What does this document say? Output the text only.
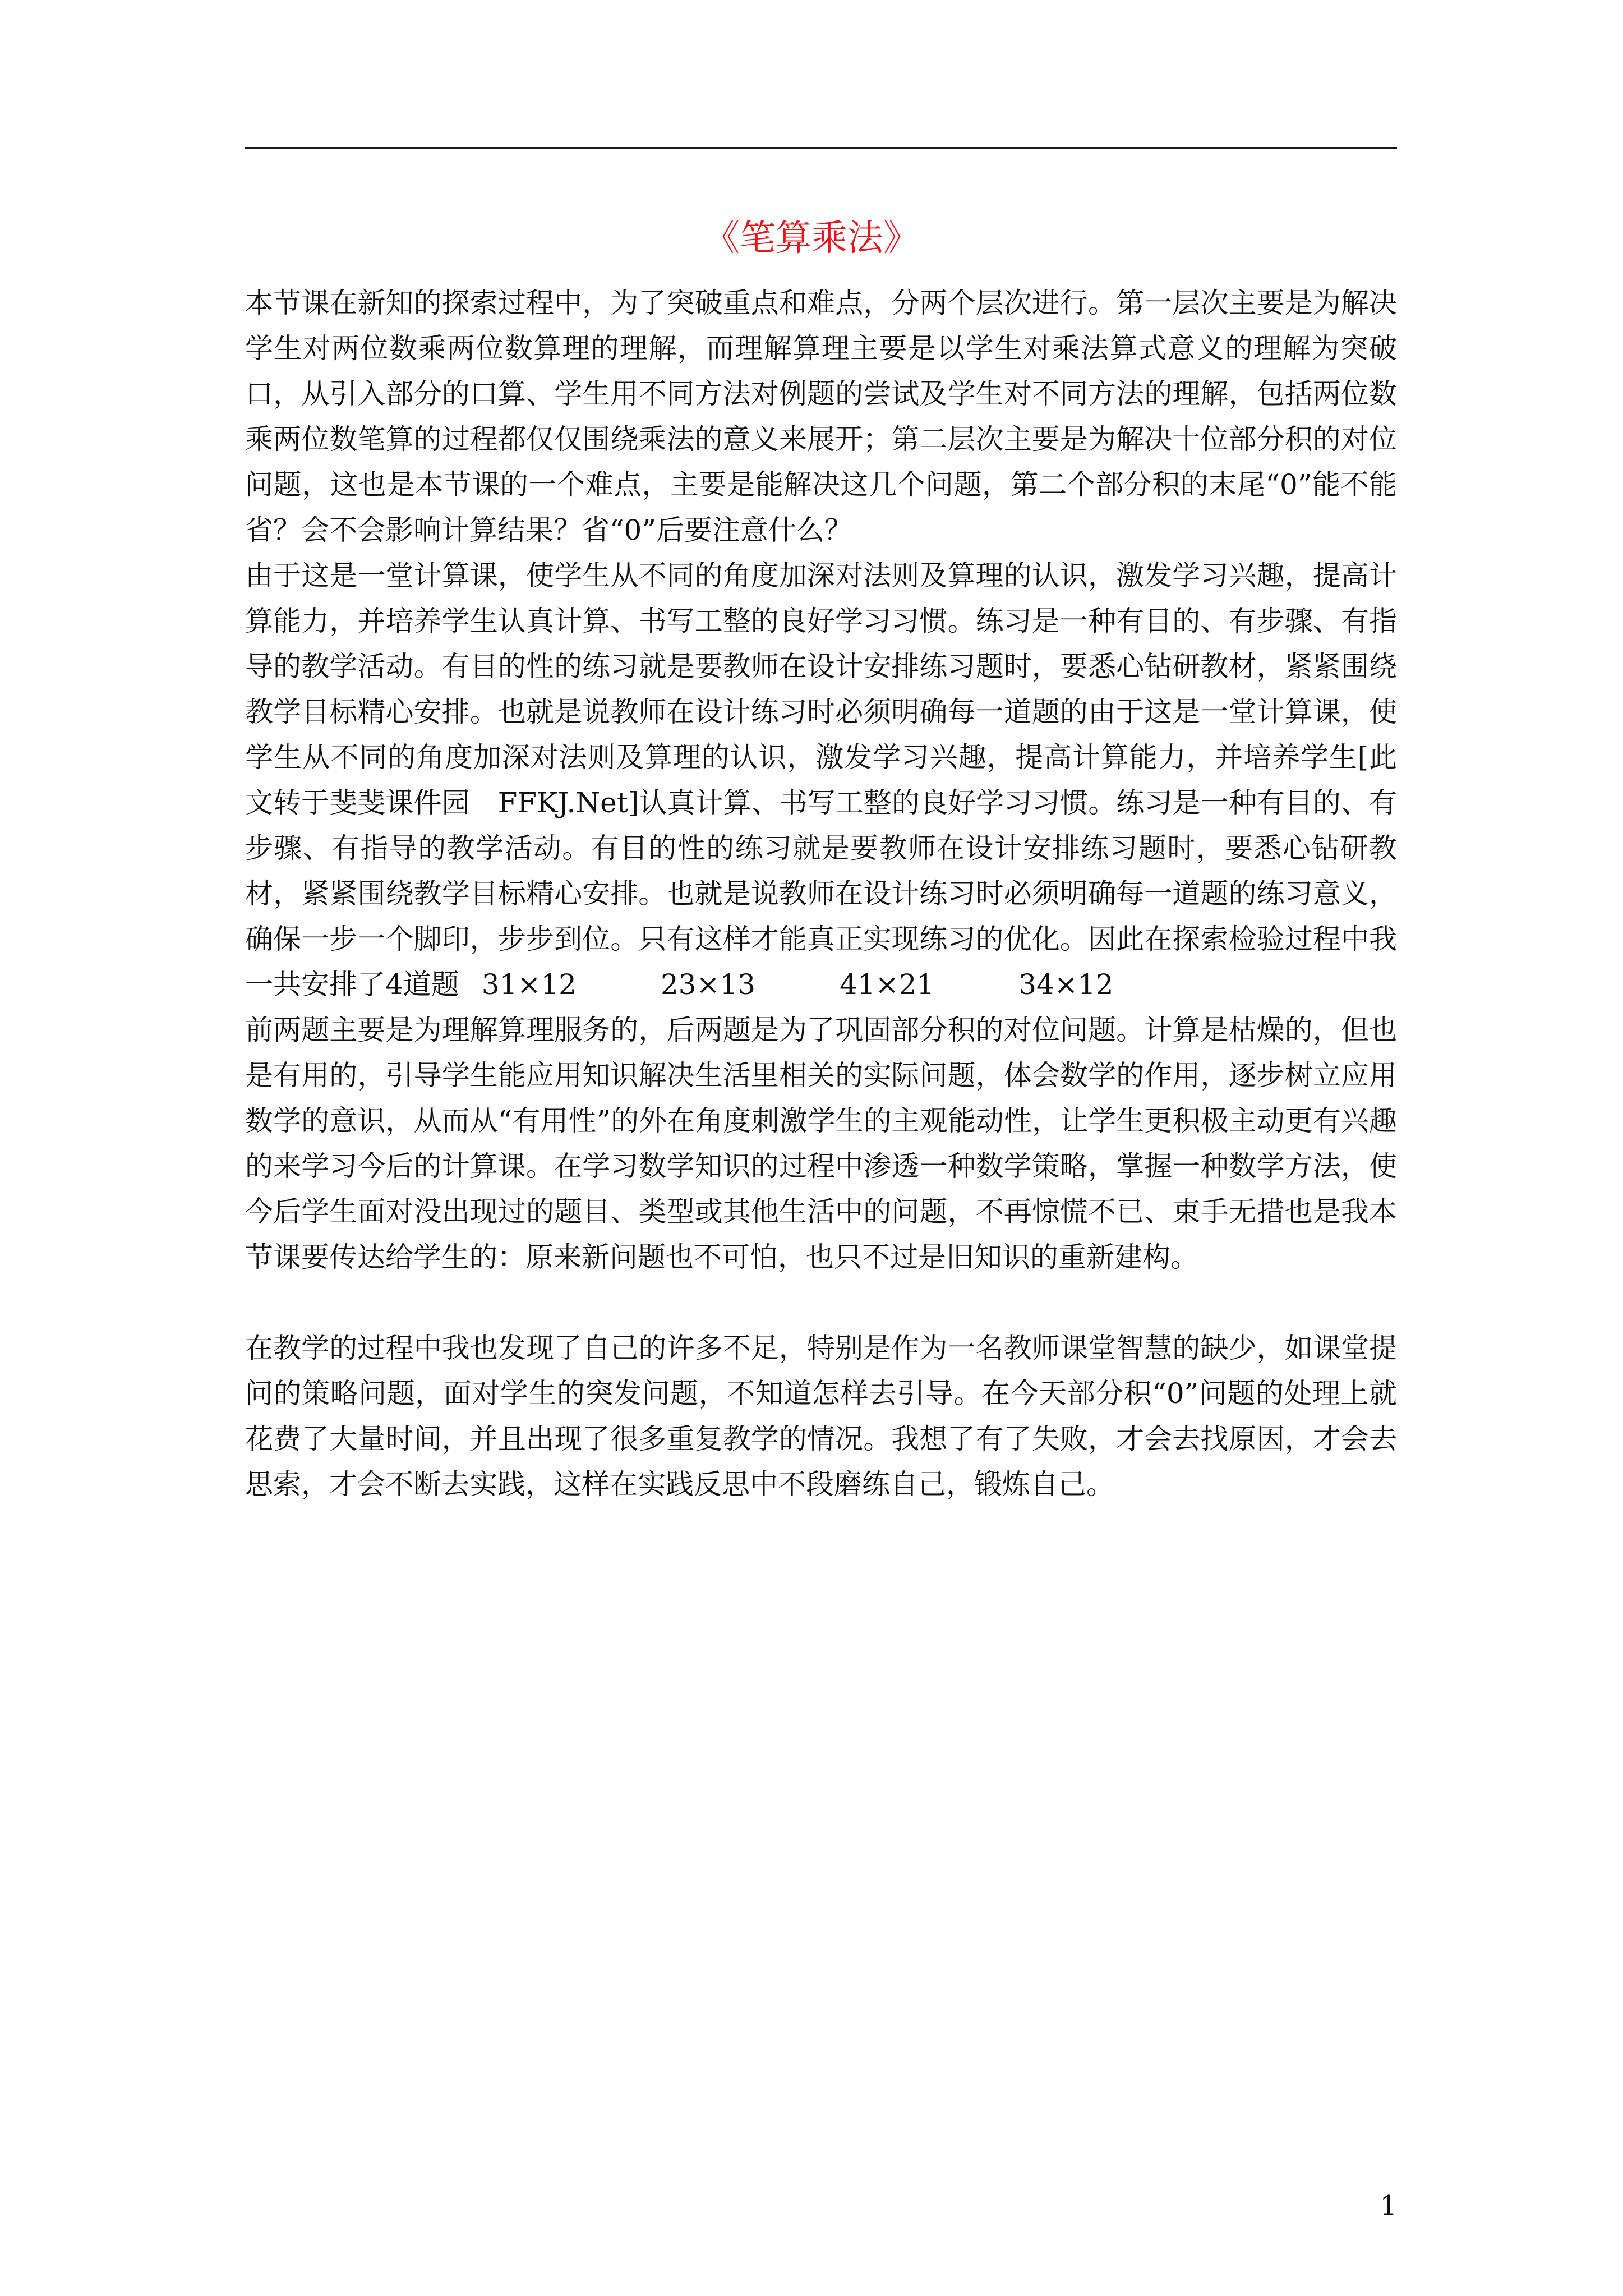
《笔算乘法》

本节课在新知的探索过程中，为了突破重点和难点，分两个层次进行。第一层次主要是为解决学生对两位数乘两位数算理的理解，而理解算理主要是以学生对乘法算式意义的理解为突破口，从引入部分的口算、学生用不同方法对例题的尝试及学生对不同方法的理解，包括两位数乘两位数笔算的过程都仅仅围绕乘法的意义来展开；第二层次主要是为解决十位部分积的对位问题，这也是本节课的一个难点，主要是能解决这几个问题，第二个部分积的末尾“0”能不能省？会不会影响计算结果？省“0”后要注意什么？

由于这是一堂计算课，使学生从不同的角度加深对法则及算理的认识，激发学习兴趣，提高计算能力，并培养学生认真计算、书写工整的良好学习习惯。练习是一种有目的、有步骤、有指导的教学活动。有目的性的练习就是要教师在设计安排练习题时，要悉心钻研教材，紧紧围绕教学目标精心安排。也就是说教师在设计练习时必须明确每一道题的由于这是一堂计算课，使学生从不同的角度加深对法则及算理的认识，激发学习兴趣，提高计算能力，并培养学生[此文转于斐斐课件园　FFKJ.Net]认真计算、书写工整的良好学习习惯。练习是一种有目的、有步骤、有指导的教学活动。有目的性的练习就是要教师在设计安排练习题时，要悉心钻研教材，紧紧围绕教学目标精心安排。也就是说教师在设计练习时必须明确每一道题的练习意义，确保一步一个脚印，步步到位。只有这样才能真正实现练习的优化。因此在探索检验过程中我一共安排了4道题 31×12	23×13	41×21	34×12

前两题主要是为理解算理服务的，后两题是为了巩固部分积的对位问题。计算是枯燥的，但也是有用的，引导学生能应用知识解决生活里相关的实际问题，体会数学的作用，逐步树立应用数学的意识，从而从“有用性”的外在角度刺激学生的主观能动性，让学生更积极主动更有兴趣的来学习今后的计算课。在学习数学知识的过程中渗透一种数学策略，掌握一种数学方法，使今后学生面对没出现过的题目、类型或其他生活中的问题，不再惊慌不已、束手无措也是我本节课要传达给学生的：原来新问题也不可怕，也只不过是旧知识的重新建构。

在教学的过程中我也发现了自己的许多不足，特别是作为一名教师课堂智慧的缺少，如课堂提问的策略问题，面对学生的突发问题，不知道怎样去引导。在今天部分积“0”问题的处理上就花费了大量时间，并且出现了很多重复教学的情况。我想了有了失败，才会去找原因，才会去思索，才会不断去实践，这样在实践反思中不段磨练自己，锻炼自己。

1
